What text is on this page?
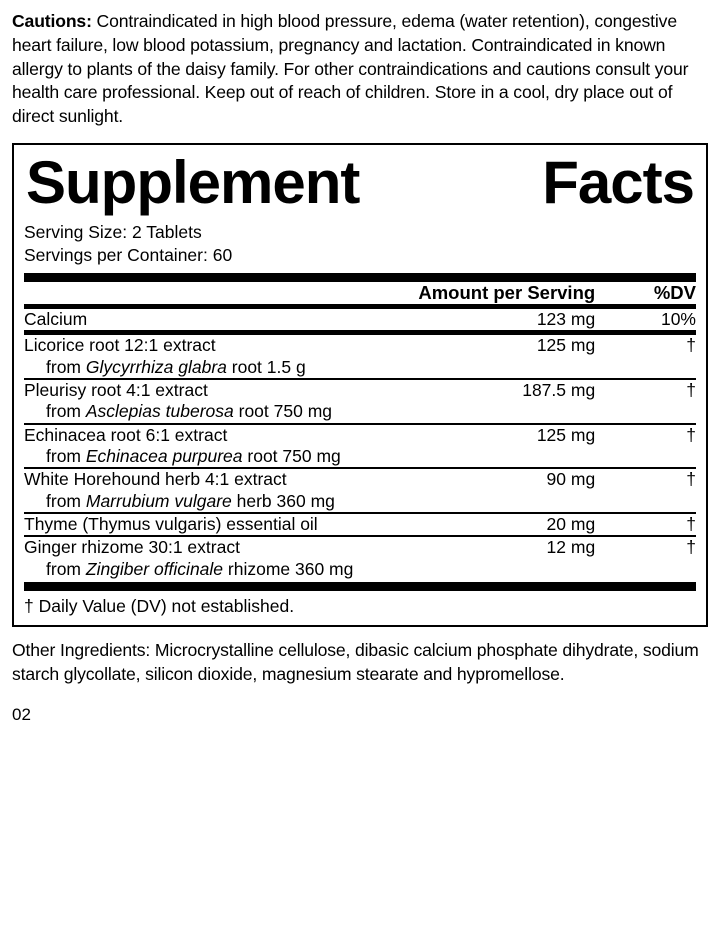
Cautions: Contraindicated in high blood pressure, edema (water retention), congestive heart failure, low blood potassium, pregnancy and lactation. Contraindicated in known allergy to plants of the daisy family. For other contraindications and cautions consult your health care professional. Keep out of reach of children. Store in a cool, dry place out of direct sunlight.

Supplement	Facts
Serving Size: 2 Tablets
Servings per Container: 60
	Amount per Serving	%DV

Calcium	123 mg	10%

Licorice root 12:1 extract
from Glycyrrhiza glabra root 1.5 g	125 mg	†

Pleurisy root 4:1 extract
from Asclepias tuberosa root 750 mg	187.5 mg	†

Echinacea root 6:1 extract
from Echinacea purpurea root 750 mg	125 mg	†

White Horehound herb 4:1 extract
from Marrubium vulgare herb 360 mg	90 mg	†

Thyme (Thymus vulgaris) essential oil	20 mg	†

Ginger rhizome 30:1 extract
from Zingiber officinale rhizome 360 mg	12 mg	†
† Daily Value (DV) not established.

Other Ingredients: Microcrystalline cellulose, dibasic calcium phosphate dihydrate, sodium starch glycollate, silicon dioxide, magnesium stearate and hypromellose.

02
